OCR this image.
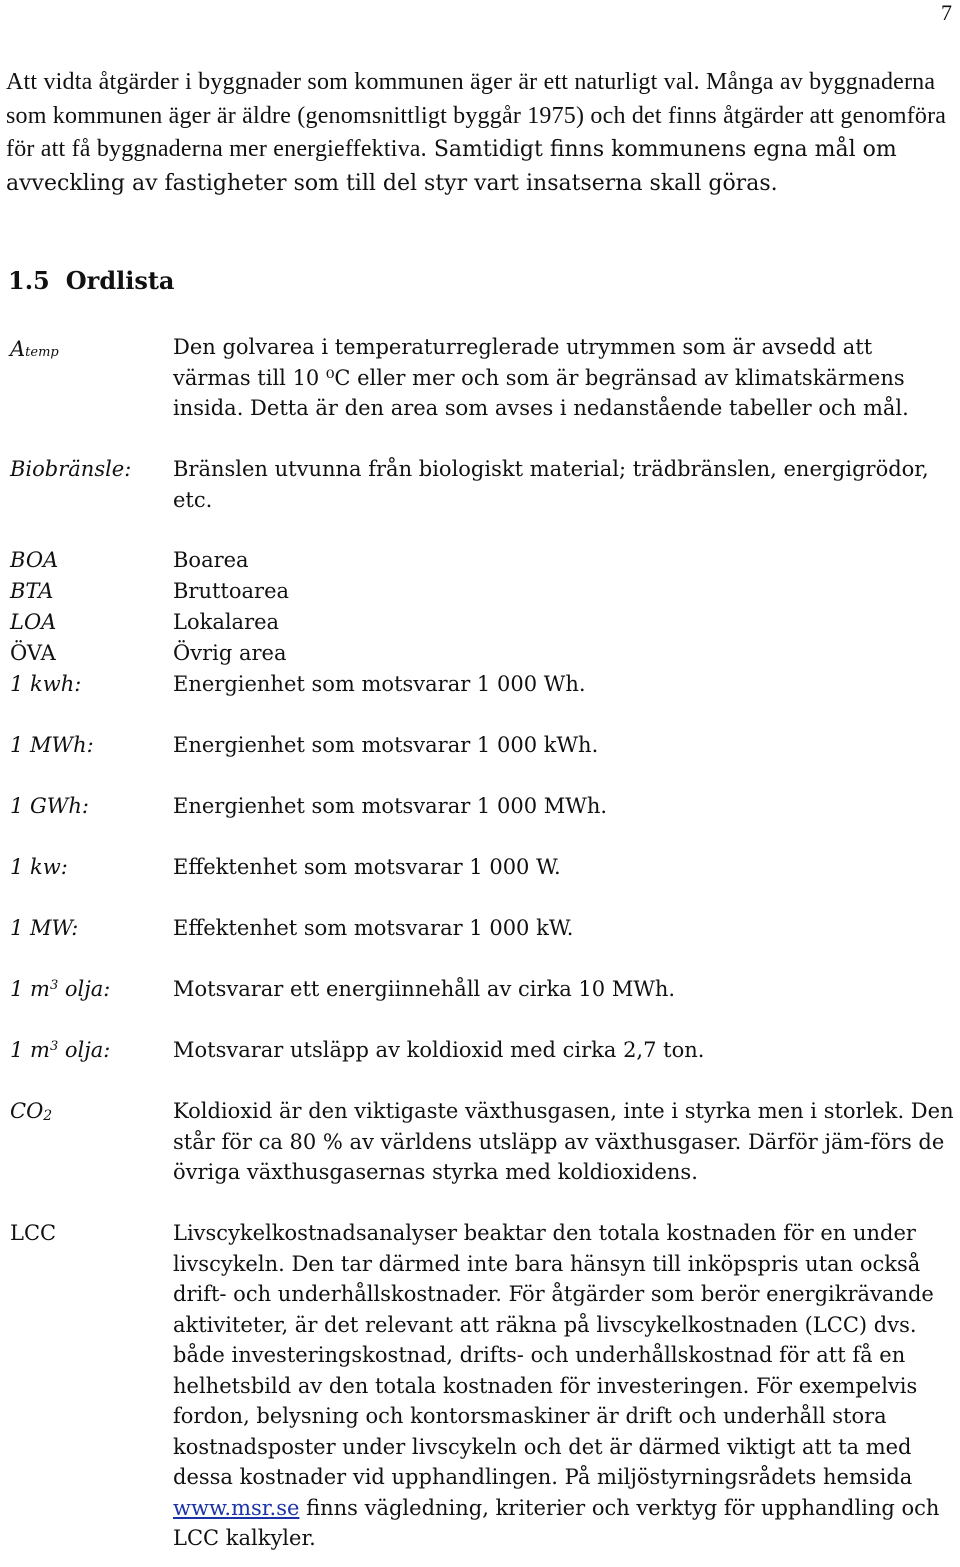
7

Att vidta åtgärder i byggnader som kommunen äger är ett naturligt val. Många av byggnaderna som kommunen äger är äldre (genomsnittligt byggår 1975) och det finns åtgärder att genomföra för att få byggnaderna mer energieffektiva. Samtidigt finns kommunens egna mål om avveckling av fastigheter som till del styr vart insatserna skall göras.

1.5 Ordlista
Atemp	Den golvarea i temperaturreglerade utrymmen som är avsedd att värmas till 10 ⁰C eller mer och som är begränsad av klimatskärmens insida. Detta är den area som avses i nedanstående tabeller och mål.
Biobränsle: Bränslen utvunna från biologiskt material; trädbränslen, energigrödor, etc.
BOA	Boarea
BTA	Bruttoarea
LOA	Lokalarea
ÖVA	Övrig area
1 kwh:	Energienhet som motsvarar 1 000 Wh.
1 MWh:	Energienhet som motsvarar 1 000 kWh.
1 GWh:	Energienhet som motsvarar 1 000 MWh.
1 kw:	Effektenhet som motsvarar 1 000 W.
1 MW:	Effektenhet som motsvarar 1 000 kW.
1 $m^3$ olja:	Motsvarar ett energiinnehåll av cirka 10 MWh.
1 $m^3$ olja:	Motsvarar utsläpp av koldioxid med cirka 2,7 ton.
CO2	Koldioxid är den viktigaste växthusgasen, inte i styrka men i storlek. Den står för ca 80 % av världens utsläpp av växthusgaser. Därför jäm-förs de övriga växthusgasernas styrka med koldioxidens.
LCC	Livscykelkostnadsanalyser beaktar den totala kostnaden för en under livscykeln. Den tar därmed inte bara hänsyn till inköpspris utan också drift- och underhållskostnader. För åtgärder som berör energikrävande aktiviteter, är det relevant att räkna på livscykelkostnaden (LCC) dvs. både investeringskostnad, drifts- och underhållskostnad för att få en helhetsbild av den totala kostnaden för investeringen. För exempelvis fordon, belysning och kontorsmaskiner är drift och underhåll stora kostnadsposter under livscykeln och det är därmed viktigt att ta med dessa kostnader vid upphandlingen. På miljöstyrningsrådets hemsida www.msr.se finns vägledning, kriterier och verktyg för upphandling och LCC kalkyler.
